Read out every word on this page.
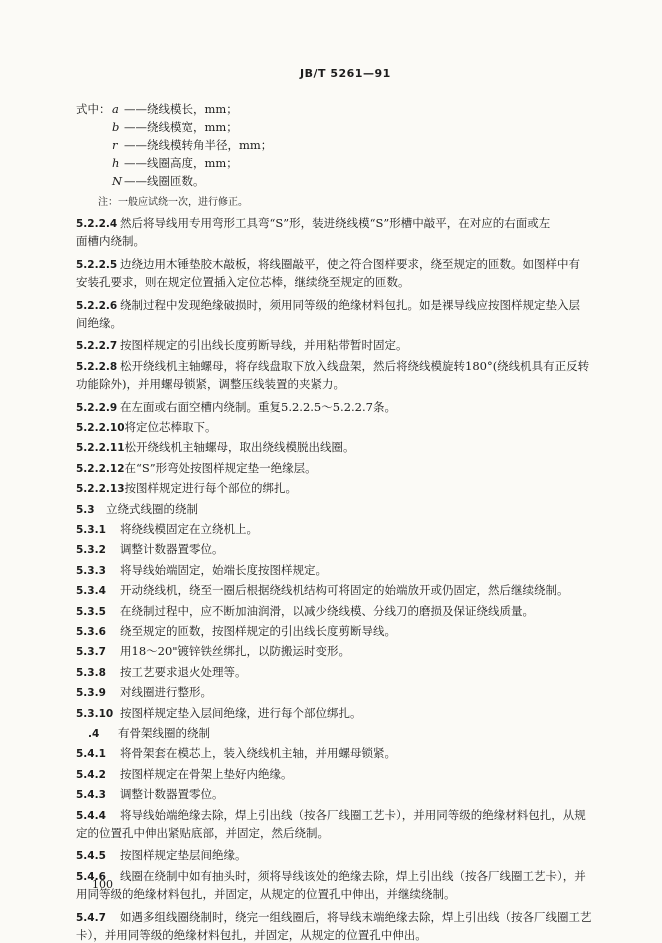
JB/T 5261—91
式中： a ——绕线模长，mm；
b ——绕线模宽，mm；
r ——绕线模转角半径，mm；
h ——线圈高度，mm；
N ——线圈匝数。
注：一般应试绕一次，进行修正。
5.2.2.4 然后将导线用专用弯形工具弯“S”形，装进绕线模“S”形槽中敲平，在对应的右面或左
面槽内绕制。
5.2.2.5 边绕边用木锤垫胶木敲板，将线圈敲平，使之符合图样要求，绕至规定的匝数。如图样中有
安装孔要求，则在规定位置插入定位芯棒，继续绕至规定的匝数。
5.2.2.6 绕制过程中发现绝缘破损时，须用同等级的绝缘材料包扎。如是裸导线应按图样规定垫入层
间绝缘。
5.2.2.7 按图样规定的引出线长度剪断导线，并用粘带暂时固定。
5.2.2.8 松开绕线机主轴螺母，将存线盘取下放入线盘架，然后将绕线模旋转180°(绕线机具有正反转
功能除外)，并用螺母锁紧，调整压线装置的夹紧力。
5.2.2.9 在左面或右面空槽内绕制。重复5.2.2.5～5.2.2.7条。
5.2.2.10将定位芯棒取下。
5.2.2.11松开绕线机主轴螺母，取出绕线模脱出线圈。
5.2.2.12在“S”形弯处按图样规定垫一绝缘层。
5.2.2.13按图样规定进行每个部位的绑扎。
5.3 立绕式线圈的绕制
5.3.1 将绕线模固定在立绕机上。
5.3.2 调整计数器置零位。
5.3.3 将导线始端固定，始端长度按图样规定。
5.3.4 开动绕线机，绕至一圈后根据绕线机结构可将固定的始端放开或仍固定，然后继续绕制。
5.3.5 在绕制过程中，应不断加油润滑，以减少绕线模、分线刀的磨损及保证绕线质量。
5.3.6 绕至规定的匝数，按图样规定的引出线长度剪断导线。
5.3.7 用18～20"镀锌铁丝绑扎，以防搬运时变形。
5.3.8 按工艺要求退火处理等。
5.3.9 对线圈进行整形。
5.3.10 按图样规定垫入层间绝缘，进行每个部位绑扎。
.4 有骨架线圈的绕制
5.4.1 将骨架套在模芯上，装入绕线机主轴，并用螺母锁紧。
5.4.2 按图样规定在骨架上垫好内绝缘。
5.4.3 调整计数器置零位。
5.4.4 将导线始端绝缘去除，焊上引出线（按各厂线圈工艺卡），并用同等级的绝缘材料包扎，从规
定的位置孔中伸出紧贴底部，并固定，然后绕制。
5.4.5 按图样规定垫层间绝缘。
5.4.6 线圈在绕制中如有抽头时，须将导线该处的绝缘去除，焊上引出线（按各厂线圈工艺卡），并
用同等级的绝缘材料包扎，并固定，从规定的位置孔中伸出，并继续绕制。
5.4.7 如遇多组线圈绕制时，绕完一组线圈后，将导线末端绝缘去除，焊上引出线（按各厂线圈工艺
卡），并用同等级的绝缘材料包扎，并固定，从规定的位置孔中伸出。
100
